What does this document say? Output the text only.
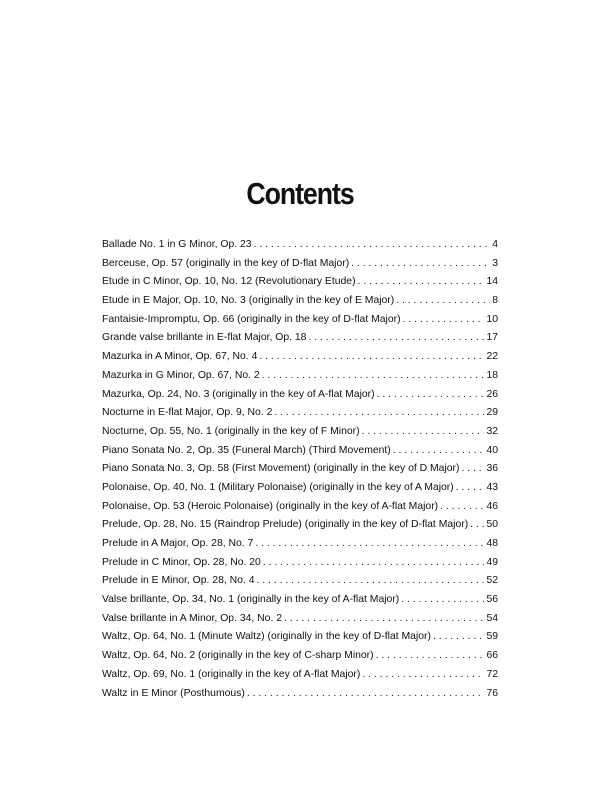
Contents
Ballade No. 1 in G Minor, Op. 23 . . .	4
Berceuse, Op. 57 (originally in the key of D-flat Major) . . .	3
Etude in C Minor, Op. 10, No. 12 (Revolutionary Etude) . . .	14
Etude in E Major, Op. 10, No. 3 (originally in the key of E Major) . . .	8
Fantaisie-Impromptu, Op. 66 (originally in the key of D-flat Major) . . .	10
Grande valse brillante in E-flat Major, Op. 18 . . .	17
Mazurka in A Minor, Op. 67, No. 4 . . .	22
Mazurka in G Minor, Op. 67, No. 2 . . .	18
Mazurka, Op. 24, No. 3 (originally in the key of A-flat Major) . . .	26
Nocturne in E-flat Major, Op. 9, No. 2 . . .	29
Nocturne, Op. 55, No. 1 (originally in the key of F Minor) . . .	32
Piano Sonata No. 2, Op. 35 (Funeral March) (Third Movement) . . .	40
Piano Sonata No. 3, Op. 58 (First Movement) (originally in the key of D Major) . . .	36
Polonaise, Op. 40, No. 1 (Military Polonaise) (originally in the key of A Major) . . .	43
Polonaise, Op. 53 (Heroic Polonaise) (originally in the key of A-flat Major) . . .	46
Prelude, Op. 28, No. 15 (Raindrop Prelude) (originally in the key of D-flat Major) . . . 50
Prelude in A Major, Op. 28, No. 7 . . .	48
Prelude in C Minor, Op. 28, No. 20 . . .	49
Prelude in E Minor, Op. 28, No. 4 . . .	52
Valse brillante, Op. 34, No. 1 (originally in the key of A-flat Major) . . .	56
Valse brillante in A Minor, Op. 34, No. 2 . . .	54
Waltz, Op. 64, No. 1 (Minute Waltz) (originally in the key of D-flat Major) . . .	59
Waltz, Op. 64, No. 2 (originally in the key of C-sharp Minor) . . .	66
Waltz, Op. 69, No. 1 (originally in the key of A-flat Major) . . .	72
Waltz in E Minor (Posthumous) . . .	76
